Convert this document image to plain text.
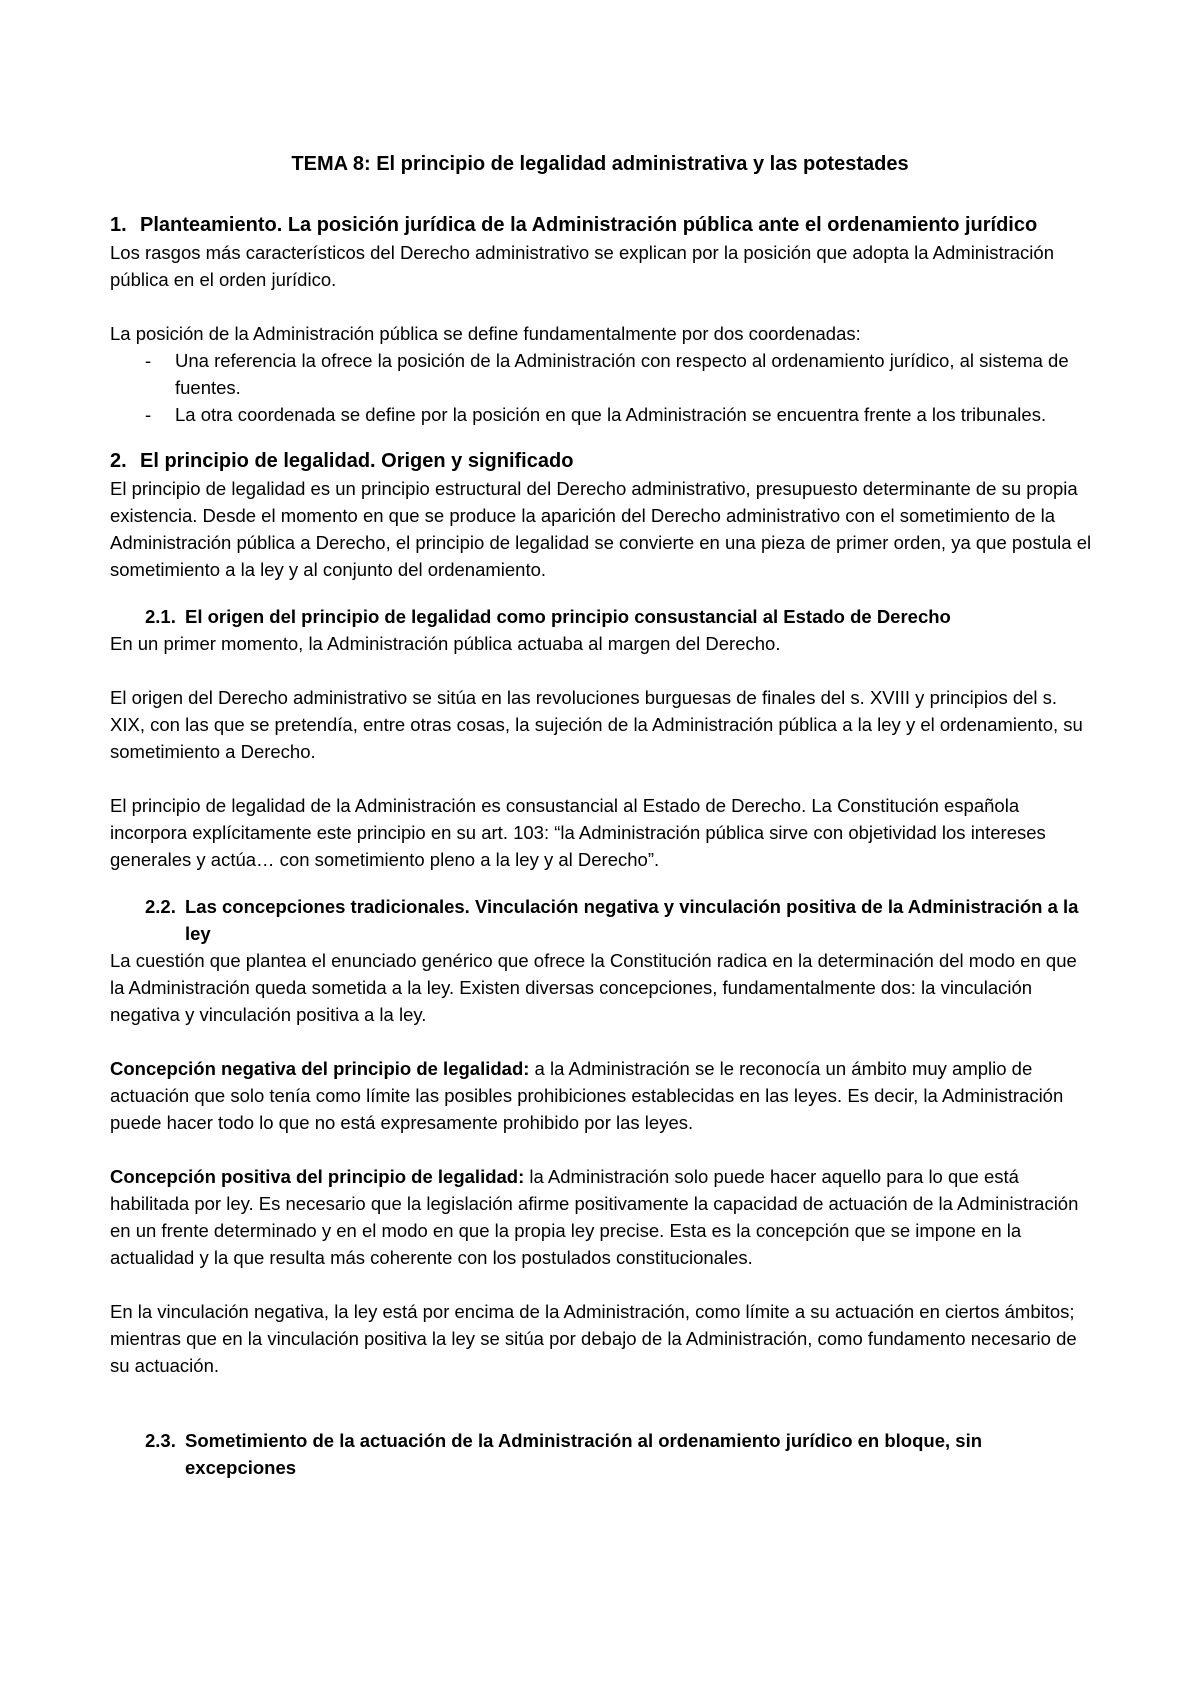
TEMA 8: El principio de legalidad administrativa y las potestades
1. Planteamiento. La posición jurídica de la Administración pública ante el ordenamiento jurídico

Los rasgos más característicos del Derecho administrativo se explican por la posición que adopta la Administración pública en el orden jurídico.

La posición de la Administración pública se define fundamentalmente por dos coordenadas:

-	Una referencia la ofrece la posición de la Administración con respecto al ordenamiento jurídico, al sistema de fuentes.
-	La otra coordenada se define por la posición en que la Administración se encuentra frente a los tribunales.
2. El principio de legalidad. Origen y significado

El principio de legalidad es un principio estructural del Derecho administrativo, presupuesto determinante de su propia existencia. Desde el momento en que se produce la aparición del Derecho administrativo con el sometimiento de la Administración pública a Derecho, el principio de legalidad se convierte en una pieza de primer orden, ya que postula el sometimiento a la ley y al conjunto del ordenamiento.

2.1. El origen del principio de legalidad como principio consustancial al Estado de Derecho

En un primer momento, la Administración pública actuaba al margen del Derecho.

El origen del Derecho administrativo se sitúa en las revoluciones burguesas de finales del s. XVIII y principios del s. XIX, con las que se pretendía, entre otras cosas, la sujeción de la Administración pública a la ley y el ordenamiento, su sometimiento a Derecho.

El principio de legalidad de la Administración es consustancial al Estado de Derecho. La Constitución española incorpora explícitamente este principio en su art. 103: “la Administración pública sirve con objetividad los intereses generales y actúa… con sometimiento pleno a la ley y al Derecho”.

2.2. Las concepciones tradicionales. Vinculación negativa y vinculación positiva de la Administración a la ley

La cuestión que plantea el enunciado genérico que ofrece la Constitución radica en la determinación del modo en que la Administración queda sometida a la ley. Existen diversas concepciones, fundamentalmente dos: la vinculación negativa y vinculación positiva a la ley.

Concepción negativa del principio de legalidad: a la Administración se le reconocía un ámbito muy amplio de actuación que solo tenía como límite las posibles prohibiciones establecidas en las leyes. Es decir, la Administración puede hacer todo lo que no está expresamente prohibido por las leyes.

Concepción positiva del principio de legalidad: la Administración solo puede hacer aquello para lo que está habilitada por ley. Es necesario que la legislación afirme positivamente la capacidad de actuación de la Administración en un frente determinado y en el modo en que la propia ley precise. Esta es la concepción que se impone en la actualidad y la que resulta más coherente con los postulados constitucionales.

En la vinculación negativa, la ley está por encima de la Administración, como límite a su actuación en ciertos ámbitos; mientras que en la vinculación positiva la ley se sitúa por debajo de la Administración, como fundamento necesario de su actuación.

2.3. Sometimiento de la actuación de la Administración al ordenamiento jurídico en bloque, sin excepciones
